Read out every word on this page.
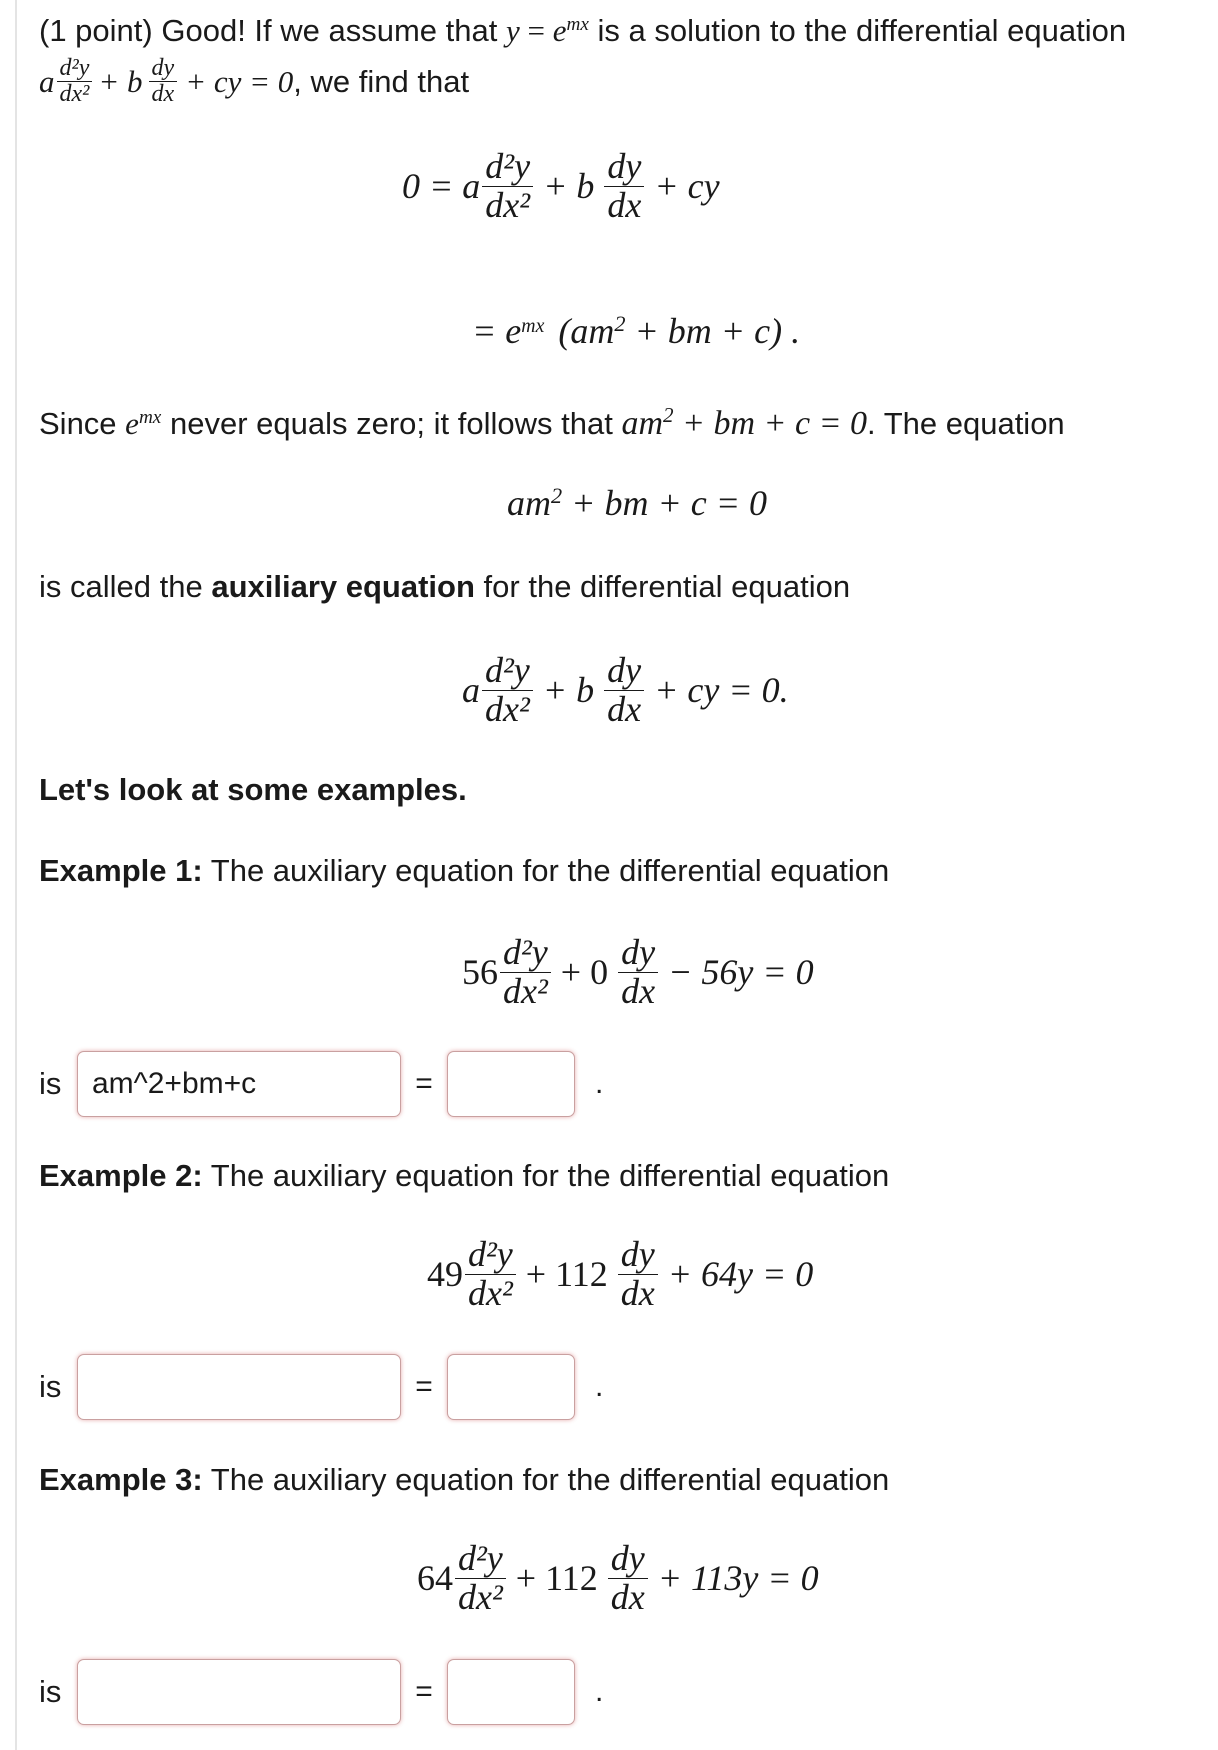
(1 point) Good! If we assume that $y = e^{mx}$ is a solution to the differential equation
a $\frac{\text{d²y}}{\text{dx²}} + b \frac{dy}{dx}$ + cy = 0 , we find that
0 = a $\frac{\text{d²y}}{\text{dx²}} + b \frac{dy}{dx}$ + cy
= $e^{mx}$ ($am^2$ + bm + c) .
Since $e^{mx}$ never equals zero; it follows that $am^2$ + bm + c = 0. The equation
$am^2$ + bm + c = 0
is called the auxiliary equation for the differential equation
a $\frac{\text{d²y}}{\text{dx²}} + b \frac{dy}{dx}$ + cy = 0.
Let's look at some examples.
Example 1: The auxiliary equation for the differential equation
$56 \frac{\text{d²y}}{\text{dx²}} + 0 \frac{dy}{dx} - 56y = 0$
is
am^2+bm+c	=	.
Example 2: The auxiliary equation for the differential equation
$49 \frac{\text{d²y}}{\text{dx²}} + 112 \frac{dy}{dx} + 64y = 0$
is	=	.
Example 3: The auxiliary equation for the differential equation
$64 \frac{\text{d²y}}{\text{dx²}} + 112 \frac{dy}{dx} + 113y = 0$
is	=	.
